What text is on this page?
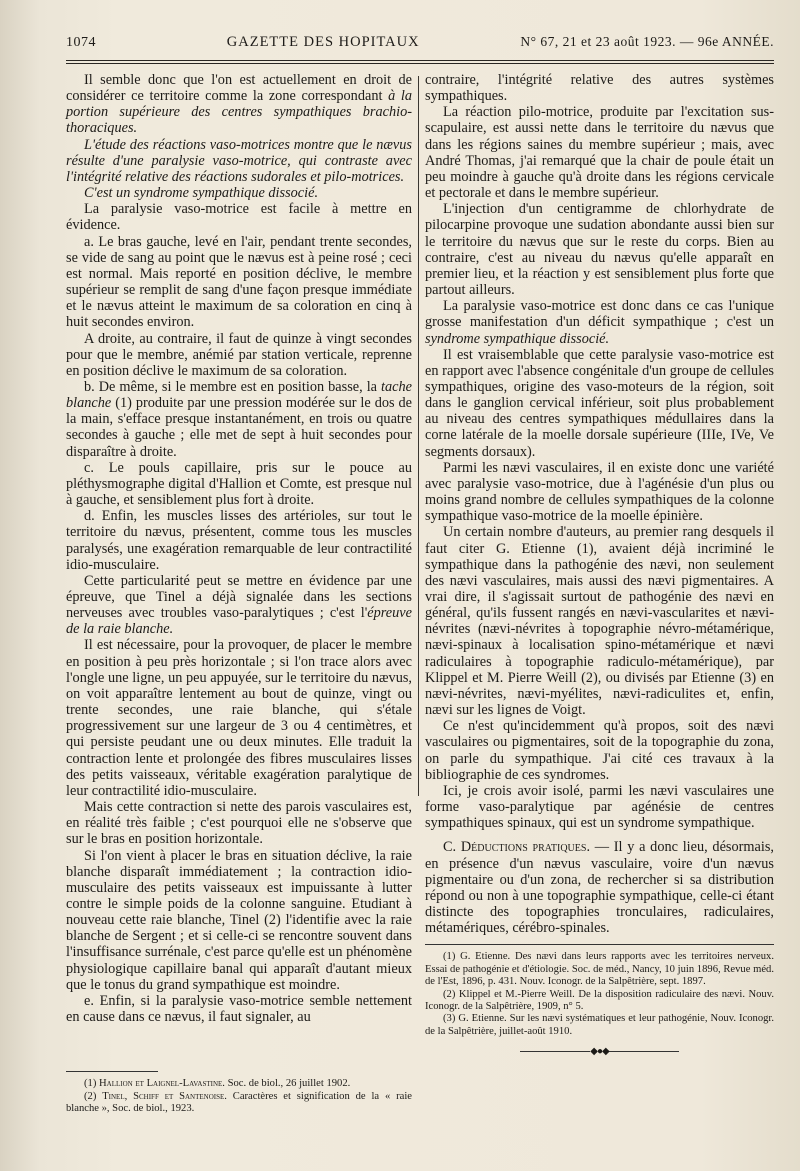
1074	GAZETTE DES HOPITAUX	N° 67, 21 et 23 août 1923. — 96e ANNÉE.

Il semble donc que l'on est actuellement en droit de considérer ce territoire comme la zone correspondant à la portion supérieure des centres sympathiques brachio-thoraciques.

L'étude des réactions vaso-motrices montre que le nævus résulte d'une paralysie vaso-motrice, qui contraste avec l'intégrité relative des réactions sudorales et pilo-motrices.

C'est un syndrome sympathique dissocié.

La paralysie vaso-motrice est facile à mettre en évidence.

a. Le bras gauche, levé en l'air, pendant trente secondes, se vide de sang au point que le nævus est à peine rosé ; ceci est normal. Mais reporté en position déclive, le membre supérieur se remplit de sang d'une façon presque immédiate et le nævus atteint le maximum de sa coloration en cinq à huit secondes environ.

A droite, au contraire, il faut de quinze à vingt secondes pour que le membre, anémié par station verticale, reprenne en position déclive le maximum de sa coloration.

b. De même, si le membre est en position basse, la tache blanche (1) produite par une pression modérée sur le dos de la main, s'efface presque instantanément, en trois ou quatre secondes à gauche ; elle met de sept à huit secondes pour disparaître à droite.

c. Le pouls capillaire, pris sur le pouce au pléthysmographe digital d'Hallion et Comte, est presque nul à gauche, et sensiblement plus fort à droite.

d. Enfin, les muscles lisses des artérioles, sur tout le territoire du nævus, présentent, comme tous les muscles paralysés, une exagération remarquable de leur contractilité idio-musculaire.

Cette particularité peut se mettre en évidence par une épreuve, que Tinel a déjà signalée dans les sections nerveuses avec troubles vaso-paralytiques ; c'est l'épreuve de la raie blanche.

Il est nécessaire, pour la provoquer, de placer le membre en position à peu près horizontale ; si l'on trace alors avec l'ongle une ligne, un peu appuyée, sur le territoire du nævus, on voit apparaître lentement au bout de quinze, vingt ou trente secondes, une raie blanche, qui s'étale progressivement sur une largeur de 3 ou 4 centimètres, et qui persiste peudant une ou deux minutes. Elle traduit la contraction lente et prolongée des fibres musculaires lisses des petits vaisseaux, véritable exagération paralytique de leur contractilité idio-musculaire.

Mais cette contraction si nette des parois vasculaires est, en réalité très faible ; c'est pourquoi elle ne s'observe que sur le bras en position horizontale.

Si l'on vient à placer le bras en situation déclive, la raie blanche disparaît immédiatement ; la contraction idio-musculaire des petits vaisseaux est impuissante à lutter contre le simple poids de la colonne sanguine. Etudiant à nouveau cette raie blanche, Tinel (2) l'identifie avec la raie blanche de Sergent ; et si celle-ci se rencontre souvent dans l'insuffisance surrénale, c'est parce qu'elle est un phénomène physiologique capillaire banal qui apparaît d'autant mieux que le tonus du grand sympathique est moindre.

e. Enfin, si la paralysie vaso-motrice semble nettement en cause dans ce nævus, il faut signaler, au

(1) Hallion et Laignel-Lavastine. Soc. de biol., 26 juillet 1902.

(2) Tinel, Schiff et Santenoise. Caractères et signification de la « raie blanche », Soc. de biol., 1923.

contraire, l'intégrité relative des autres systèmes sympathiques.

La réaction pilo-motrice, produite par l'excitation sus-scapulaire, est aussi nette dans le territoire du nævus que dans les régions saines du membre supérieur ; mais, avec André Thomas, j'ai remarqué que la chair de poule était un peu moindre à gauche qu'à droite dans les régions cervicale et pectorale et dans le membre supérieur.

L'injection d'un centigramme de chlorhydrate de pilocarpine provoque une sudation abondante aussi bien sur le territoire du nævus que sur le reste du corps. Bien au contraire, c'est au niveau du nævus qu'elle apparaît en premier lieu, et la réaction y est sensiblement plus forte que partout ailleurs.

La paralysie vaso-motrice est donc dans ce cas l'unique grosse manifestation d'un déficit sympathique ; c'est un syndrome sympathique dissocié.

Il est vraisemblable que cette paralysie vaso-motrice est en rapport avec l'absence congénitale d'un groupe de cellules sympathiques, origine des vaso-moteurs de la région, soit dans le ganglion cervical inférieur, soit plus probablement au niveau des centres sympathiques médullaires dans la corne latérale de la moelle dorsale supérieure (IIIe, IVe, Ve segments dorsaux).

Parmi les nævi vasculaires, il en existe donc une variété avec paralysie vaso-motrice, due à l'agénésie d'un plus ou moins grand nombre de cellules sympathiques de la colonne sympathique vaso-motrice de la moelle épinière.

Un certain nombre d'auteurs, au premier rang desquels il faut citer G. Etienne (1), avaient déjà incriminé le sympathique dans la pathogénie des nævi, non seulement des nævi vasculaires, mais aussi des nævi pigmentaires. A vrai dire, il s'agissait surtout de pathogénie des nævi en général, qu'ils fussent rangés en nævi-vascularites et nævi-névrites (nævi-névrites à topographie névro-métamérique, nævi-spinaux à localisation spino-métamérique et nævi radiculaires à topographie radiculo-métamérique), par Klippel et M. Pierre Weill (2), ou divisés par Etienne (3) en nævi-névrites, nævi-myélites, nævi-radiculites et, enfin, nævi sur les lignes de Voigt.

Ce n'est qu'incidemment qu'à propos, soit des nævi vasculaires ou pigmentaires, soit de la topographie du zona, on parle du sympathique. J'ai cité ces travaux à la bibliographie de ces syndromes.

Ici, je crois avoir isolé, parmi les nævi vasculaires une forme vaso-paralytique par agénésie de centres sympathiques spinaux, qui est un syndrome sympathique.

C. Déductions pratiques. — Il y a donc lieu, désormais, en présence d'un nævus vasculaire, voire d'un nævus pigmentaire ou d'un zona, de rechercher si sa distribution répond ou non à une topographie sympathique, celle-ci étant distincte des topographies tronculaires, radiculaires, métamériques, cérébro-spinales.

(1) G. Etienne. Des nævi dans leurs rapports avec les territoires nerveux. Essai de pathogénie et d'étiologie. Soc. de méd., Nancy, 10 juin 1896, Revue méd. de l'Est, 1896, p. 431. Nouv. Iconogr. de la Salpêtrière, sept. 1897.

(2) Klippel et M.-Pierre Weill. De la disposition radiculaire des nævi. Nouv. Iconogr. de la Salpêtrière, 1909, n° 5.

(3) G. Etienne. Sur les nævi systématiques et leur pathogénie, Nouv. Iconogr. de la Salpêtrière, juillet-août 1910.

◆●◆
